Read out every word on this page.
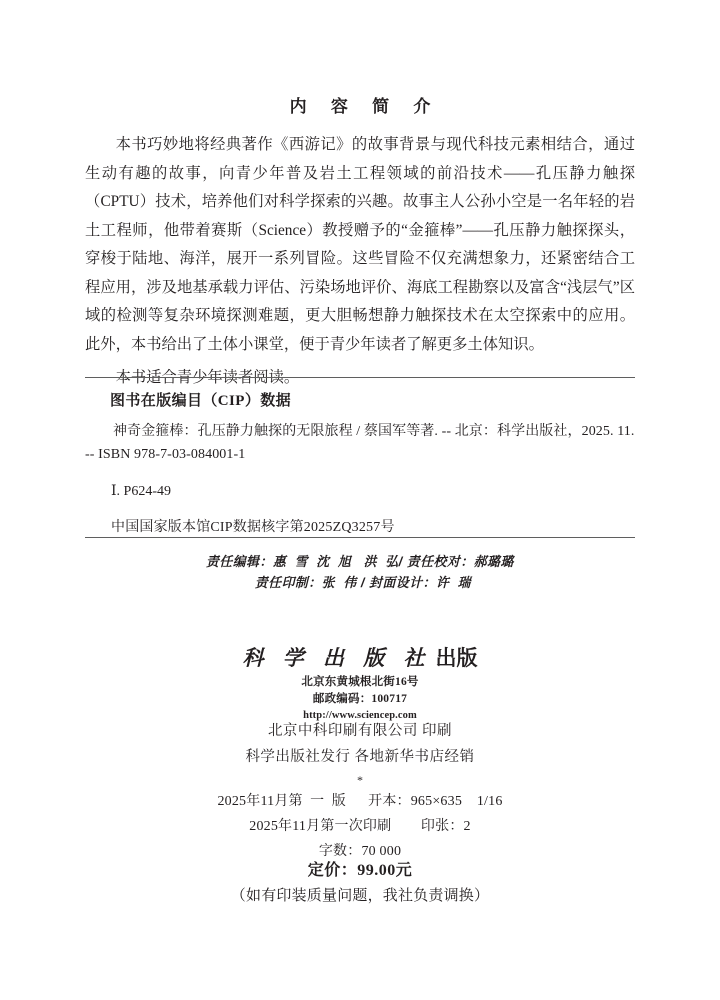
内 容 简 介

本书巧妙地将经典著作《西游记》的故事背景与现代科技元素相结合，通过生动有趣的故事，向青少年普及岩土工程领域的前沿技术——孔压静力触探（CPTU）技术，培养他们对科学探索的兴趣。故事主人公孙小空是一名年轻的岩土工程师，他带着赛斯（Science）教授赠予的“金箍棒”——孔压静力触探探头，穿梭于陆地、海洋，展开一系列冒险。这些冒险不仅充满想象力，还紧密结合工程应用，涉及地基承载力评估、污染场地评价、海底工程勘察以及富含“浅层气”区域的检测等复杂环境探测难题，更大胆畅想静力触探技术在太空探索中的应用。此外，本书给出了土体小课堂，便于青少年读者了解更多土体知识。

本书适合青少年读者阅读。

图书在版编目（CIP）数据

神奇金箍棒：孔压静力触探的无限旅程 / 蔡国军等著. -- 北京：科学出版社，2025. 11. -- ISBN 978-7-03-084001-1

Ⅰ. P624-49
中国国家版本馆CIP数据核字第2025ZQ3257号
责任编辑：惠  雪  沈  旭   洪  弘/ 责任校对：郝璐璐
责任印制：张  伟 / 封面设计：许  瑞
科 学 出 版 社 出版
北京东黄城根北街16号
邮政编码：100717
http://www.sciencep.com
北京中科印刷有限公司 印刷
科学出版社发行 各地新华书店经销
*
2025年11月第  一  版      开本：965×635    1/16
2025年11月第一次印刷        印张：2
字数：70 000
定价：99.00元
（如有印装质量问题，我社负责调换）
